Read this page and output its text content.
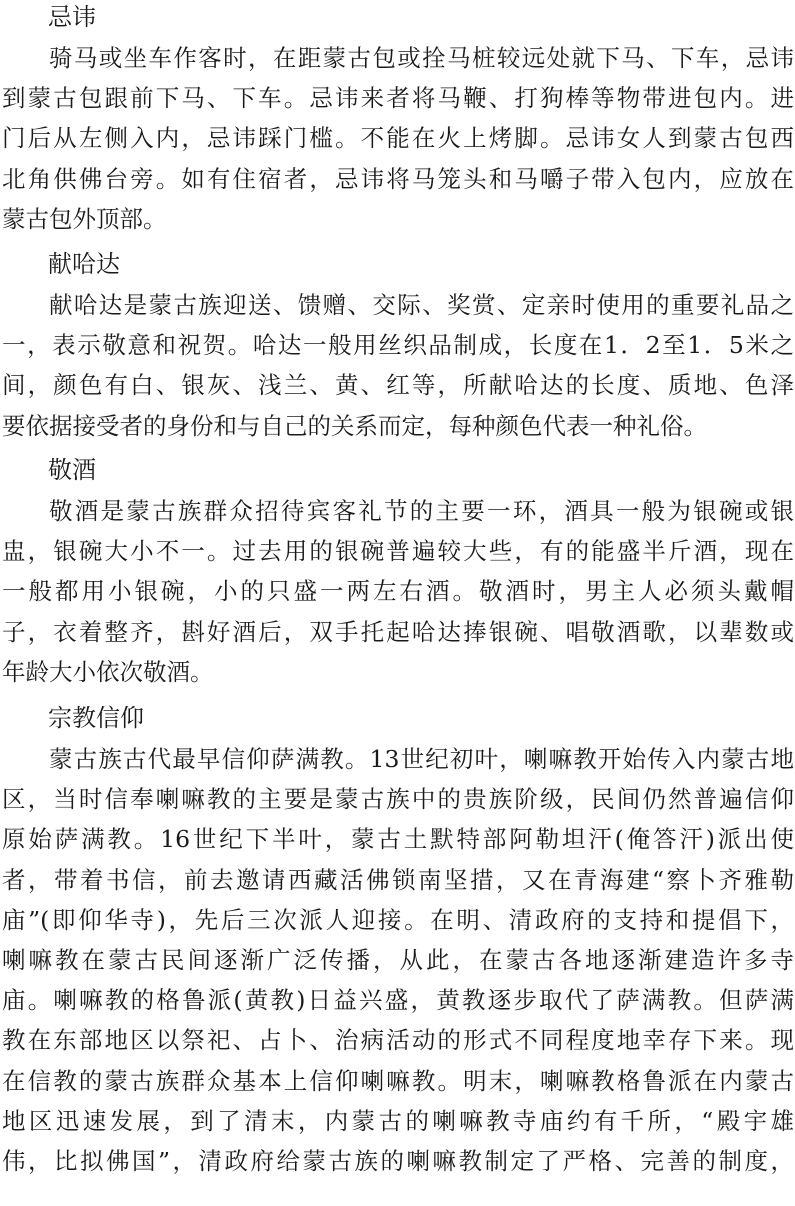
忌讳
骑马或坐车作客时，在距蒙古包或拴马桩较远处就下马、下车，忌讳
到蒙古包跟前下马、下车。忌讳来者将马鞭、打狗棒等物带进包内。进
门后从左侧入内，忌讳踩门槛。不能在火上烤脚。忌讳女人到蒙古包西
北角供佛台旁。如有住宿者，忌讳将马笼头和马嚼子带入包内，应放在
蒙古包外顶部。
献哈达
献哈达是蒙古族迎送、馈赠、交际、奖赏、定亲时使用的重要礼品之
一，表示敬意和祝贺。哈达一般用丝织品制成，长度在1．2至1．5米之
间，颜色有白、银灰、浅兰、黄、红等，所献哈达的长度、质地、色泽
要依据接受者的身份和与自己的关系而定，每种颜色代表一种礼俗。
敬酒
敬酒是蒙古族群众招待宾客礼节的主要一环，酒具一般为银碗或银
盅，银碗大小不一。过去用的银碗普遍较大些，有的能盛半斤酒，现在
一般都用小银碗，小的只盛一两左右酒。敬酒时，男主人必须头戴帽
子，衣着整齐，斟好酒后，双手托起哈达捧银碗、唱敬酒歌，以辈数或
年龄大小依次敬酒。
宗教信仰
蒙古族古代最早信仰萨满教。13世纪初叶，喇嘛教开始传入内蒙古地
区，当时信奉喇嘛教的主要是蒙古族中的贵族阶级，民间仍然普遍信仰
原始萨满教。16世纪下半叶，蒙古土默特部阿勒坦汗(俺答汗)派出使
者，带着书信，前去邀请西藏活佛锁南坚措，又在青海建“察卜齐雅勒
庙”(即仰华寺)，先后三次派人迎接。在明、清政府的支持和提倡下，
喇嘛教在蒙古民间逐渐广泛传播，从此，在蒙古各地逐渐建造许多寺
庙。喇嘛教的格鲁派(黄教)日益兴盛，黄教逐步取代了萨满教。但萨满
教在东部地区以祭祀、占卜、治病活动的形式不同程度地幸存下来。现
在信教的蒙古族群众基本上信仰喇嘛教。明末，喇嘛教格鲁派在内蒙古
地区迅速发展，到了清末，内蒙古的喇嘛教寺庙约有千所，“殿宇雄
伟，比拟佛国”，清政府给蒙古族的喇嘛教制定了严格、完善的制度，
